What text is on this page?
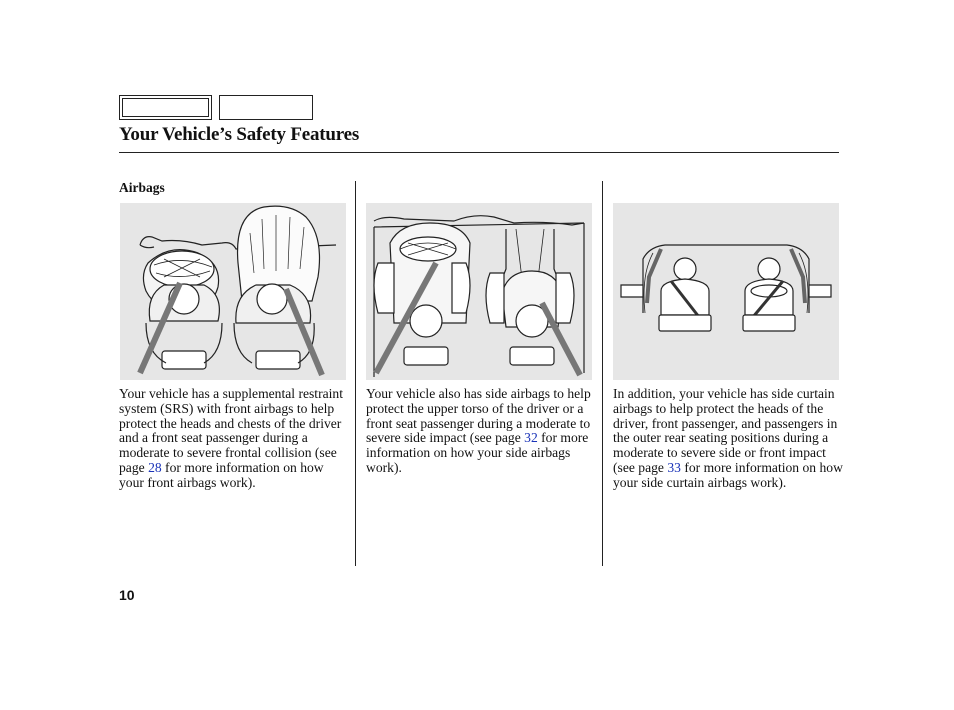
Your Vehicle’s Safety Features
Airbags
Your vehicle has a supplemental restraint system (SRS) with front airbags to help protect the heads and chests of the driver and a front seat passenger during a moderate to severe frontal collision (see page 28 for more information on how your front airbags work).
Your vehicle also has side airbags to help protect the upper torso of the driver or a front seat passenger during a moderate to severe side impact (see page 32 for more information on how your side airbags work).
In addition, your vehicle has side curtain airbags to help protect the heads of the driver, front passenger, and passengers in the outer rear seating positions during a moderate to severe side or front impact (see page 33 for more information on how your side curtain airbags work).
10
